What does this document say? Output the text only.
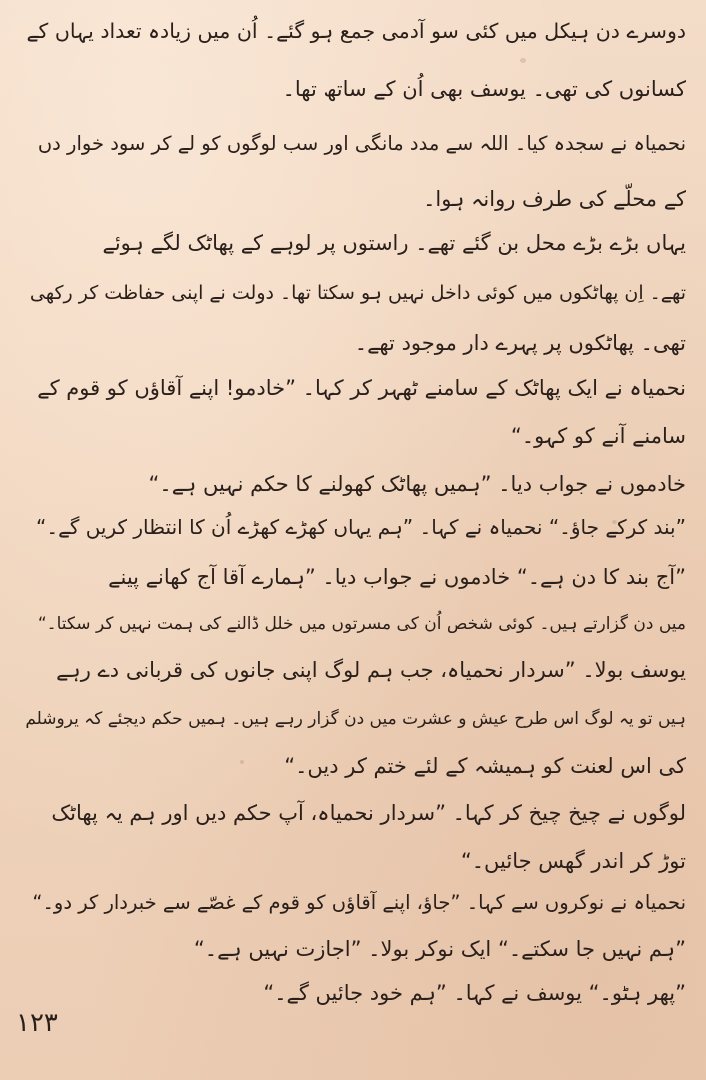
دوسرے دن ہیکل میں کئی سو آدمی جمع ہو گئے۔ اُن میں زیادہ تعداد یہاں کے
کسانوں کی تھی۔ یوسف بھی اُن کے ساتھ تھا۔
نحمیاہ نے سجدہ کیا۔ اللہ سے مدد مانگی اور سب لوگوں کو لے کر سود خوار دں
کے محلّے کی طرف روانہ ہوا۔
یہاں بڑے بڑے محل بن گئے تھے۔ راستوں پر لوہے کے پھاٹک لگے ہوئے
تھے۔ اِن پھاٹکوں میں کوئی داخل نہیں ہو سکتا تھا۔ دولت نے اپنی حفاظت کر رکھی
تھی۔ پھاٹکوں پر پہرے دار موجود تھے۔
نحمیاہ نے ایک پھاٹک کے سامنے ٹھہر کر کہا۔ ”خادمو! اپنے آقاؤں کو قوم کے
سامنے آنے کو کہو۔“
خادموں نے جواب دیا۔ ”ہمیں پھاٹک کھولنے کا حکم نہیں ہے۔“
”بند کرکے جاؤ۔“ نحمیاہ نے کہا۔ ”ہم یہاں کھڑے کھڑے اُن کا انتظار کریں گے۔“
”آج بند کا دن ہے۔“ خادموں نے جواب دیا۔ ”ہمارے آقا آج کھانے پینے
میں دن گزارتے ہیں۔ کوئی شخص اُن کی مسرتوں میں خلل ڈالنے کی ہمت نہیں کر سکتا۔“
یوسف بولا۔ ”سردار نحمیاہ، جب ہم لوگ اپنی جانوں کی قربانی دے رہے
ہیں تو یہ لوگ اس طرح عیش و عشرت میں دن گزار رہے ہیں۔ ہمیں حکم دیجئے کہ یروشلم
کی اس لعنت کو ہمیشہ کے لئے ختم کر دیں۔“
لوگوں نے چیخ چیخ کر کہا۔ ”سردار نحمیاہ، آپ حکم دیں اور ہم یہ پھاٹک
توڑ کر اندر گھس جائیں۔“
نحمیاہ نے نوکروں سے کہا۔ ”جاؤ، اپنے آقاؤں کو قوم کے غصّے سے خبردار کر دو۔“
”ہم نہیں جا سکتے۔“ ایک نوکر بولا۔ ”اجازت نہیں ہے۔“
”پھر ہٹو۔“ یوسف نے کہا۔ ”ہم خود جائیں گے۔“
۱۲۳
